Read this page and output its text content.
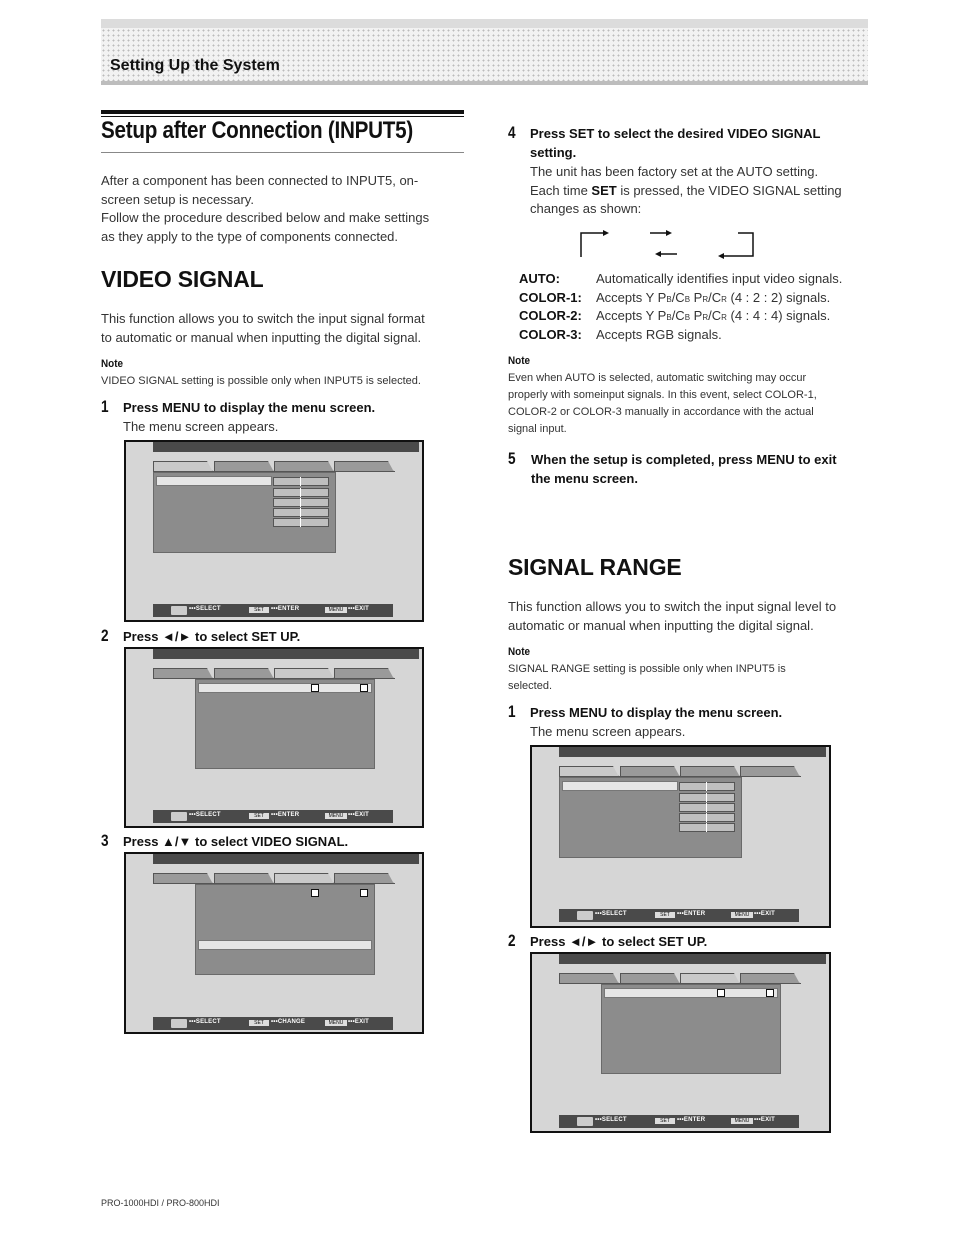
Setting Up the System
Setup after Connection (INPUT5)
After a component has been connected to INPUT5, on-
screen setup is necessary.
Follow the procedure described below and make settings
as they apply to the type of components connected.
VIDEO SIGNAL
This function allows you to switch the input signal format
to automatic or manual when inputting the digital signal.
Note
VIDEO SIGNAL setting is possible only when INPUT5 is selected.
1 Press MENU to display the menu screen.
The menu screen appears.
•••SELECT	SET	•••ENTER	MENU •••EXIT
2 Press ◄/► to select SET UP.
•••SELECT	SET	•••ENTER	MENU •••EXIT
3 Press ▲/▼ to select VIDEO SIGNAL.
•••SELECT	SET	•••CHANGE	MENU •••EXIT
4 Press SET to select the desired VIDEO SIGNAL
setting.
The unit has been factory set at the AUTO setting.
Each time SET is pressed, the VIDEO SIGNAL setting
changes as shown:
AUTO:	Automatically identifies input video signals.
COLOR-1: Accepts Y PB/CB PR/CR (4 : 2 : 2) signals.
COLOR-2: Accepts Y PB/CB PR/CR (4 : 4 : 4) signals.
COLOR-3: Accepts RGB signals.
Note
Even when AUTO is selected, automatic switching may occur
properly with someinput signals. In this event, select COLOR-1,
COLOR-2 or COLOR-3 manually in accordance with the actual
signal input.
5 When the setup is completed, press MENU to exit
the menu screen.
SIGNAL RANGE
This function allows you to switch the input signal level to
automatic or manual when inputting the digital signal.
Note
SIGNAL RANGE setting is possible only when INPUT5 is
selected.
1 Press MENU to display the menu screen.
The menu screen appears.
•••SELECT	SET	•••ENTER	MENU •••EXIT
2 Press ◄/► to select SET UP.
•••SELECT	SET	•••ENTER	MENU •••EXIT
PRO-1000HDI / PRO-800HDI
